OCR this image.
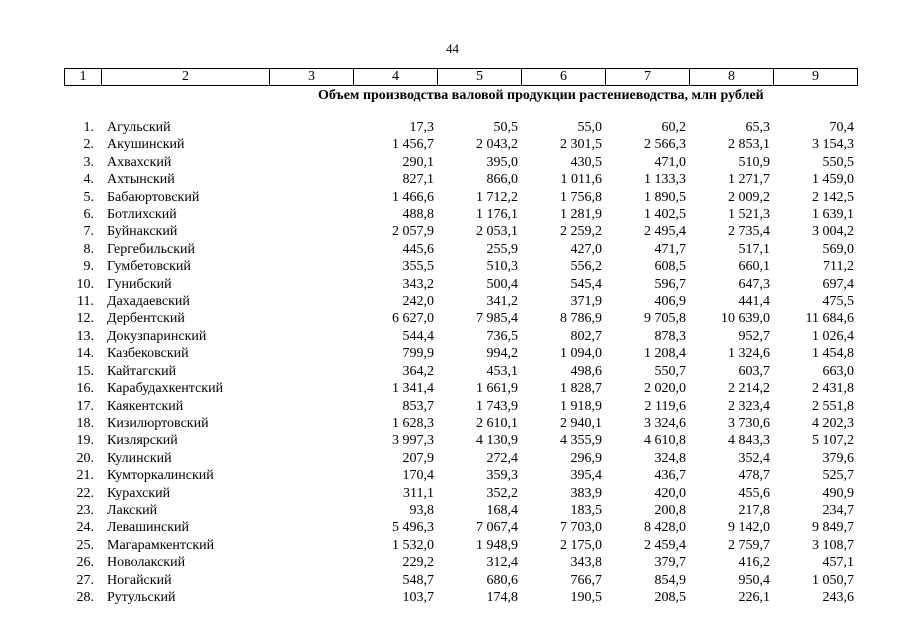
44
1	2	3	4	5	6	7	8	9
Объем производства валовой продукции растениеводства, млн рублей
1.	Агульский		17,3	50,5	55,0	60,2	65,3	70,4
2.	Акушинский		1 456,7	2 043,2	2 301,5	2 566,3	2 853,1	3 154,3
3.	Ахвахский		290,1	395,0	430,5	471,0	510,9	550,5
4.	Ахтынский		827,1	866,0	1 011,6	1 133,3	1 271,7	1 459,0
5.	Бабаюртовский		1 466,6	1 712,2	1 756,8	1 890,5	2 009,2	2 142,5
6.	Ботлихский		488,8	1 176,1	1 281,9	1 402,5	1 521,3	1 639,1
7.	Буйнакский		2 057,9	2 053,1	2 259,2	2 495,4	2 735,4	3 004,2
8.	Гергебильский		445,6	255,9	427,0	471,7	517,1	569,0
9.	Гумбетовский		355,5	510,3	556,2	608,5	660,1	711,2
10.	Гунибский		343,2	500,4	545,4	596,7	647,3	697,4
11.	Дахадаевский		242,0	341,2	371,9	406,9	441,4	475,5
12.	Дербентский		6 627,0	7 985,4	8 786,9	9 705,8	10 639,0	11 684,6
13.	Докузпаринский		544,4	736,5	802,7	878,3	952,7	1 026,4
14.	Казбековский		799,9	994,2	1 094,0	1 208,4	1 324,6	1 454,8
15.	Кайтагский		364,2	453,1	498,6	550,7	603,7	663,0
16.	Карабудахкентский		1 341,4	1 661,9	1 828,7	2 020,0	2 214,2	2 431,8
17.	Каякентский		853,7	1 743,9	1 918,9	2 119,6	2 323,4	2 551,8
18.	Кизилюртовский		1 628,3	2 610,1	2 940,1	3 324,6	3 730,6	4 202,3
19.	Кизлярский		3 997,3	4 130,9	4 355,9	4 610,8	4 843,3	5 107,2
20.	Кулинский		207,9	272,4	296,9	324,8	352,4	379,6
21.	Кумторкалинский		170,4	359,3	395,4	436,7	478,7	525,7
22.	Курахский		311,1	352,2	383,9	420,0	455,6	490,9
23.	Лакский		93,8	168,4	183,5	200,8	217,8	234,7
24.	Левашинский		5 496,3	7 067,4	7 703,0	8 428,0	9 142,0	9 849,7
25.	Магарамкентский		1 532,0	1 948,9	2 175,0	2 459,4	2 759,7	3 108,7
26.	Новолакский		229,2	312,4	343,8	379,7	416,2	457,1
27.	Ногайский		548,7	680,6	766,7	854,9	950,4	1 050,7
28.	Рутульский		103,7	174,8	190,5	208,5	226,1	243,6
